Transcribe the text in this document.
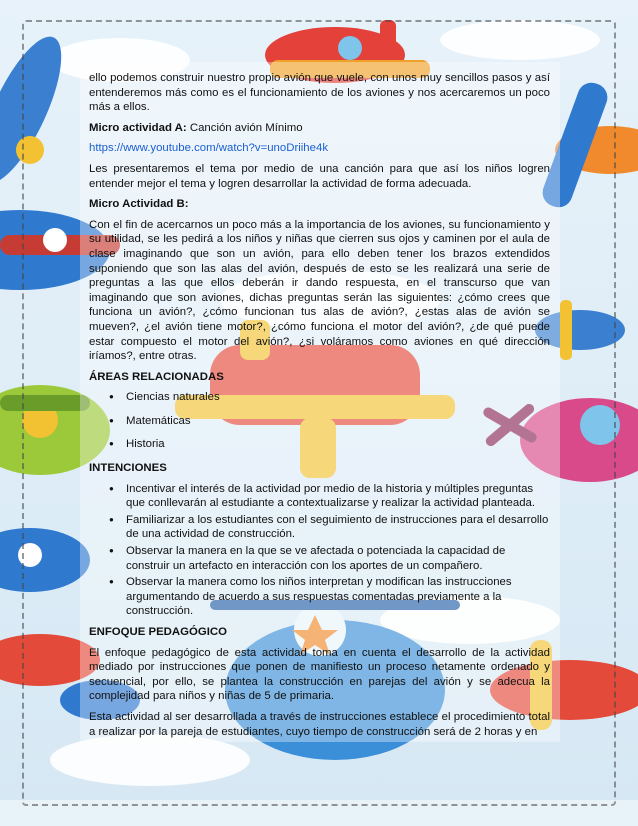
ello podemos construir nuestro propio avión que vuele, con unos muy sencillos pasos y así entenderemos más como es el funcionamiento de los aviones y nos acercaremos un poco más a ellos.

Micro actividad A: Canción avión Mínimo

https://www.youtube.com/watch?v=unoDriihe4k

Les presentaremos el tema por medio de una canción para que así los niños logren entender mejor el tema y logren desarrollar la actividad de forma adecuada.

Micro Actividad B:

Con el fin de acercarnos un poco más a la importancia de los aviones, su funcionamiento y su utilidad, se les pedirá a los niños y niñas que cierren sus ojos y caminen por el aula de clase imaginando que son un avión, para ello deben tener los brazos extendidos suponiendo que son las alas del avión, después de esto se les realizará una serie de preguntas a las que ellos deberán ir dando respuesta, en el transcurso que van imaginando que son aviones, dichas preguntas serán las siguientes: ¿cómo crees que funciona un avión?, ¿cómo funcionan tus alas de avión?, ¿estas alas de avión se mueven?, ¿el avión tiene motor?, ¿cómo funciona el motor del avión?, ¿de qué puede estar compuesto el motor del avión?, ¿si voláramos como aviones en qué dirección iríamos?, entre otras.

ÁREAS RELACIONADAS
● Ciencias naturales
● Matemáticas
● Historia
INTENCIONES
● Incentivar el interés de la actividad por medio de la historia y múltiples preguntas que conllevarán al estudiante a contextualizarse y realizar la actividad planteada.
● Familiarizar a los estudiantes con el seguimiento de instrucciones para el desarrollo de una actividad de construcción.
● Observar la manera en la que se ve afectada o potenciada la capacidad de construir un artefacto en interacción con los aportes de un compañero.
● Observar la manera como los niños interpretan y modifican las instrucciones argumentando de acuerdo a sus respuestas comentadas previamente a la construcción.
ENFOQUE PEDAGÓGICO

El enfoque pedagógico de esta actividad toma en cuenta el desarrollo de la actividad mediado por instrucciones que ponen de manifiesto un proceso netamente ordenado y secuencial, por ello, se plantea la construcción en parejas del avión y se adecua la complejidad para niños y niñas de 5 de primaria.

Esta actividad al ser desarrollada a través de instrucciones establece el procedimiento total a realizar por la pareja de estudiantes, cuyo tiempo de construcción será de 2 horas y en
